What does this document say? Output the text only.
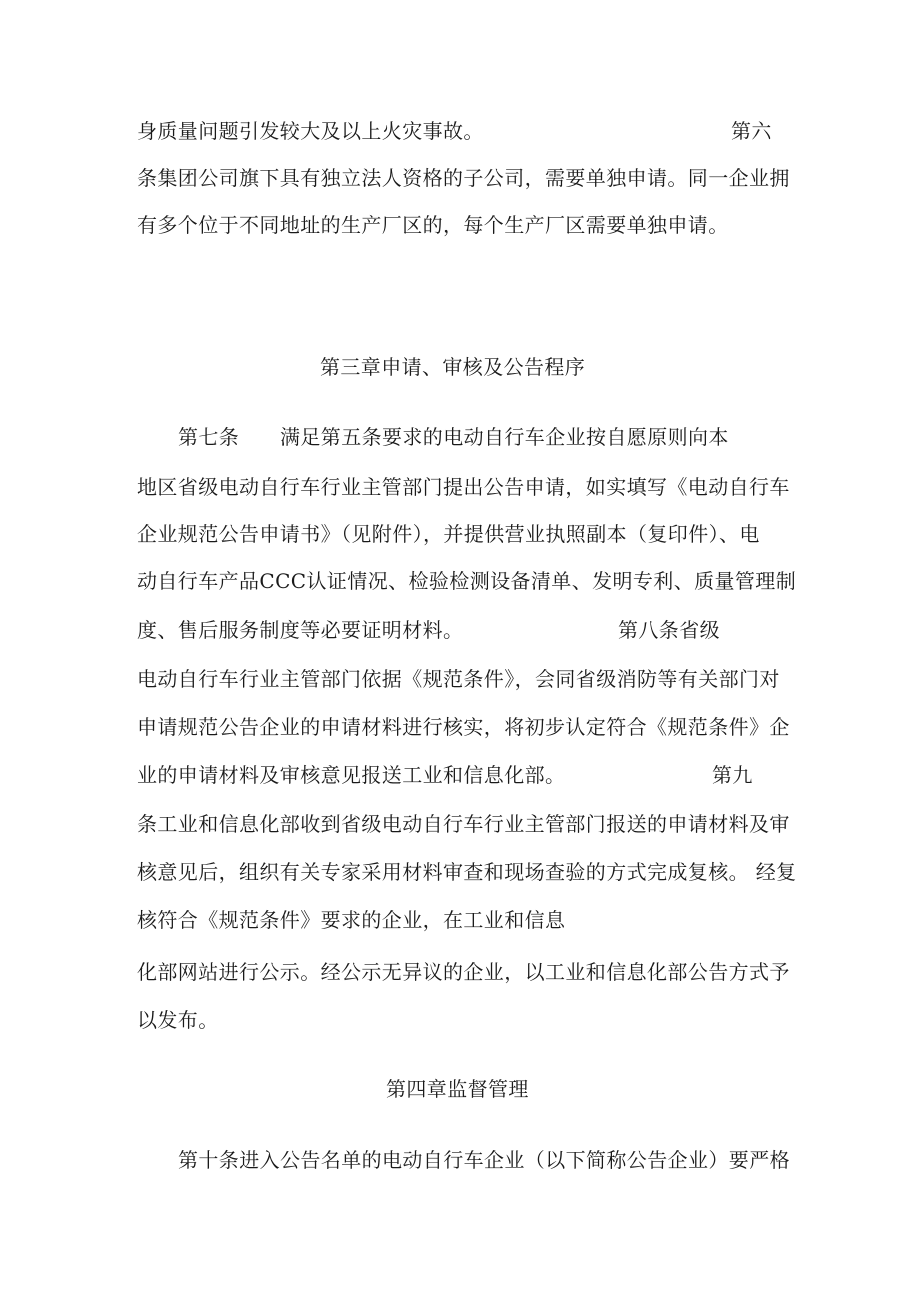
身质量问题引发较大及以上火灾事故。	第六
条集团公司旗下具有独立法人资格的子公司，需要单独申请。同一企业拥
有多个位于不同地址的生产厂区的，每个生产厂区需要单独申请。
第三章申请、审核及公告程序
第七条 满足第五条要求的电动自行车企业按自愿原则向本
地区省级电动自行车行业主管部门提出公告申请，如实填写《电动自行车
企业规范公告申请书》（见附件），并提供营业执照副本（复印件）、电
动自行车产品CCC认证情况、检验检测设备清单、发明专利、质量管理制
度、售后服务制度等必要证明材料。	第八条省级
电动自行车行业主管部门依据《规范条件》，会同省级消防等有关部门对
申请规范公告企业的申请材料进行核实，将初步认定符合《规范条件》企
业的申请材料及审核意见报送工业和信息化部。	第九
条工业和信息化部收到省级电动自行车行业主管部门报送的申请材料及审
核意见后，组织有关专家采用材料审查和现场查验的方式完成复核。 经复
核符合《规范条件》要求的企业，在工业和信息
化部网站进行公示。经公示无异议的企业，以工业和信息化部公告方式予
以发布。
第四章监督管理
第十条进入公告名单的电动自行车企业（以下简称公告企业）要严格
